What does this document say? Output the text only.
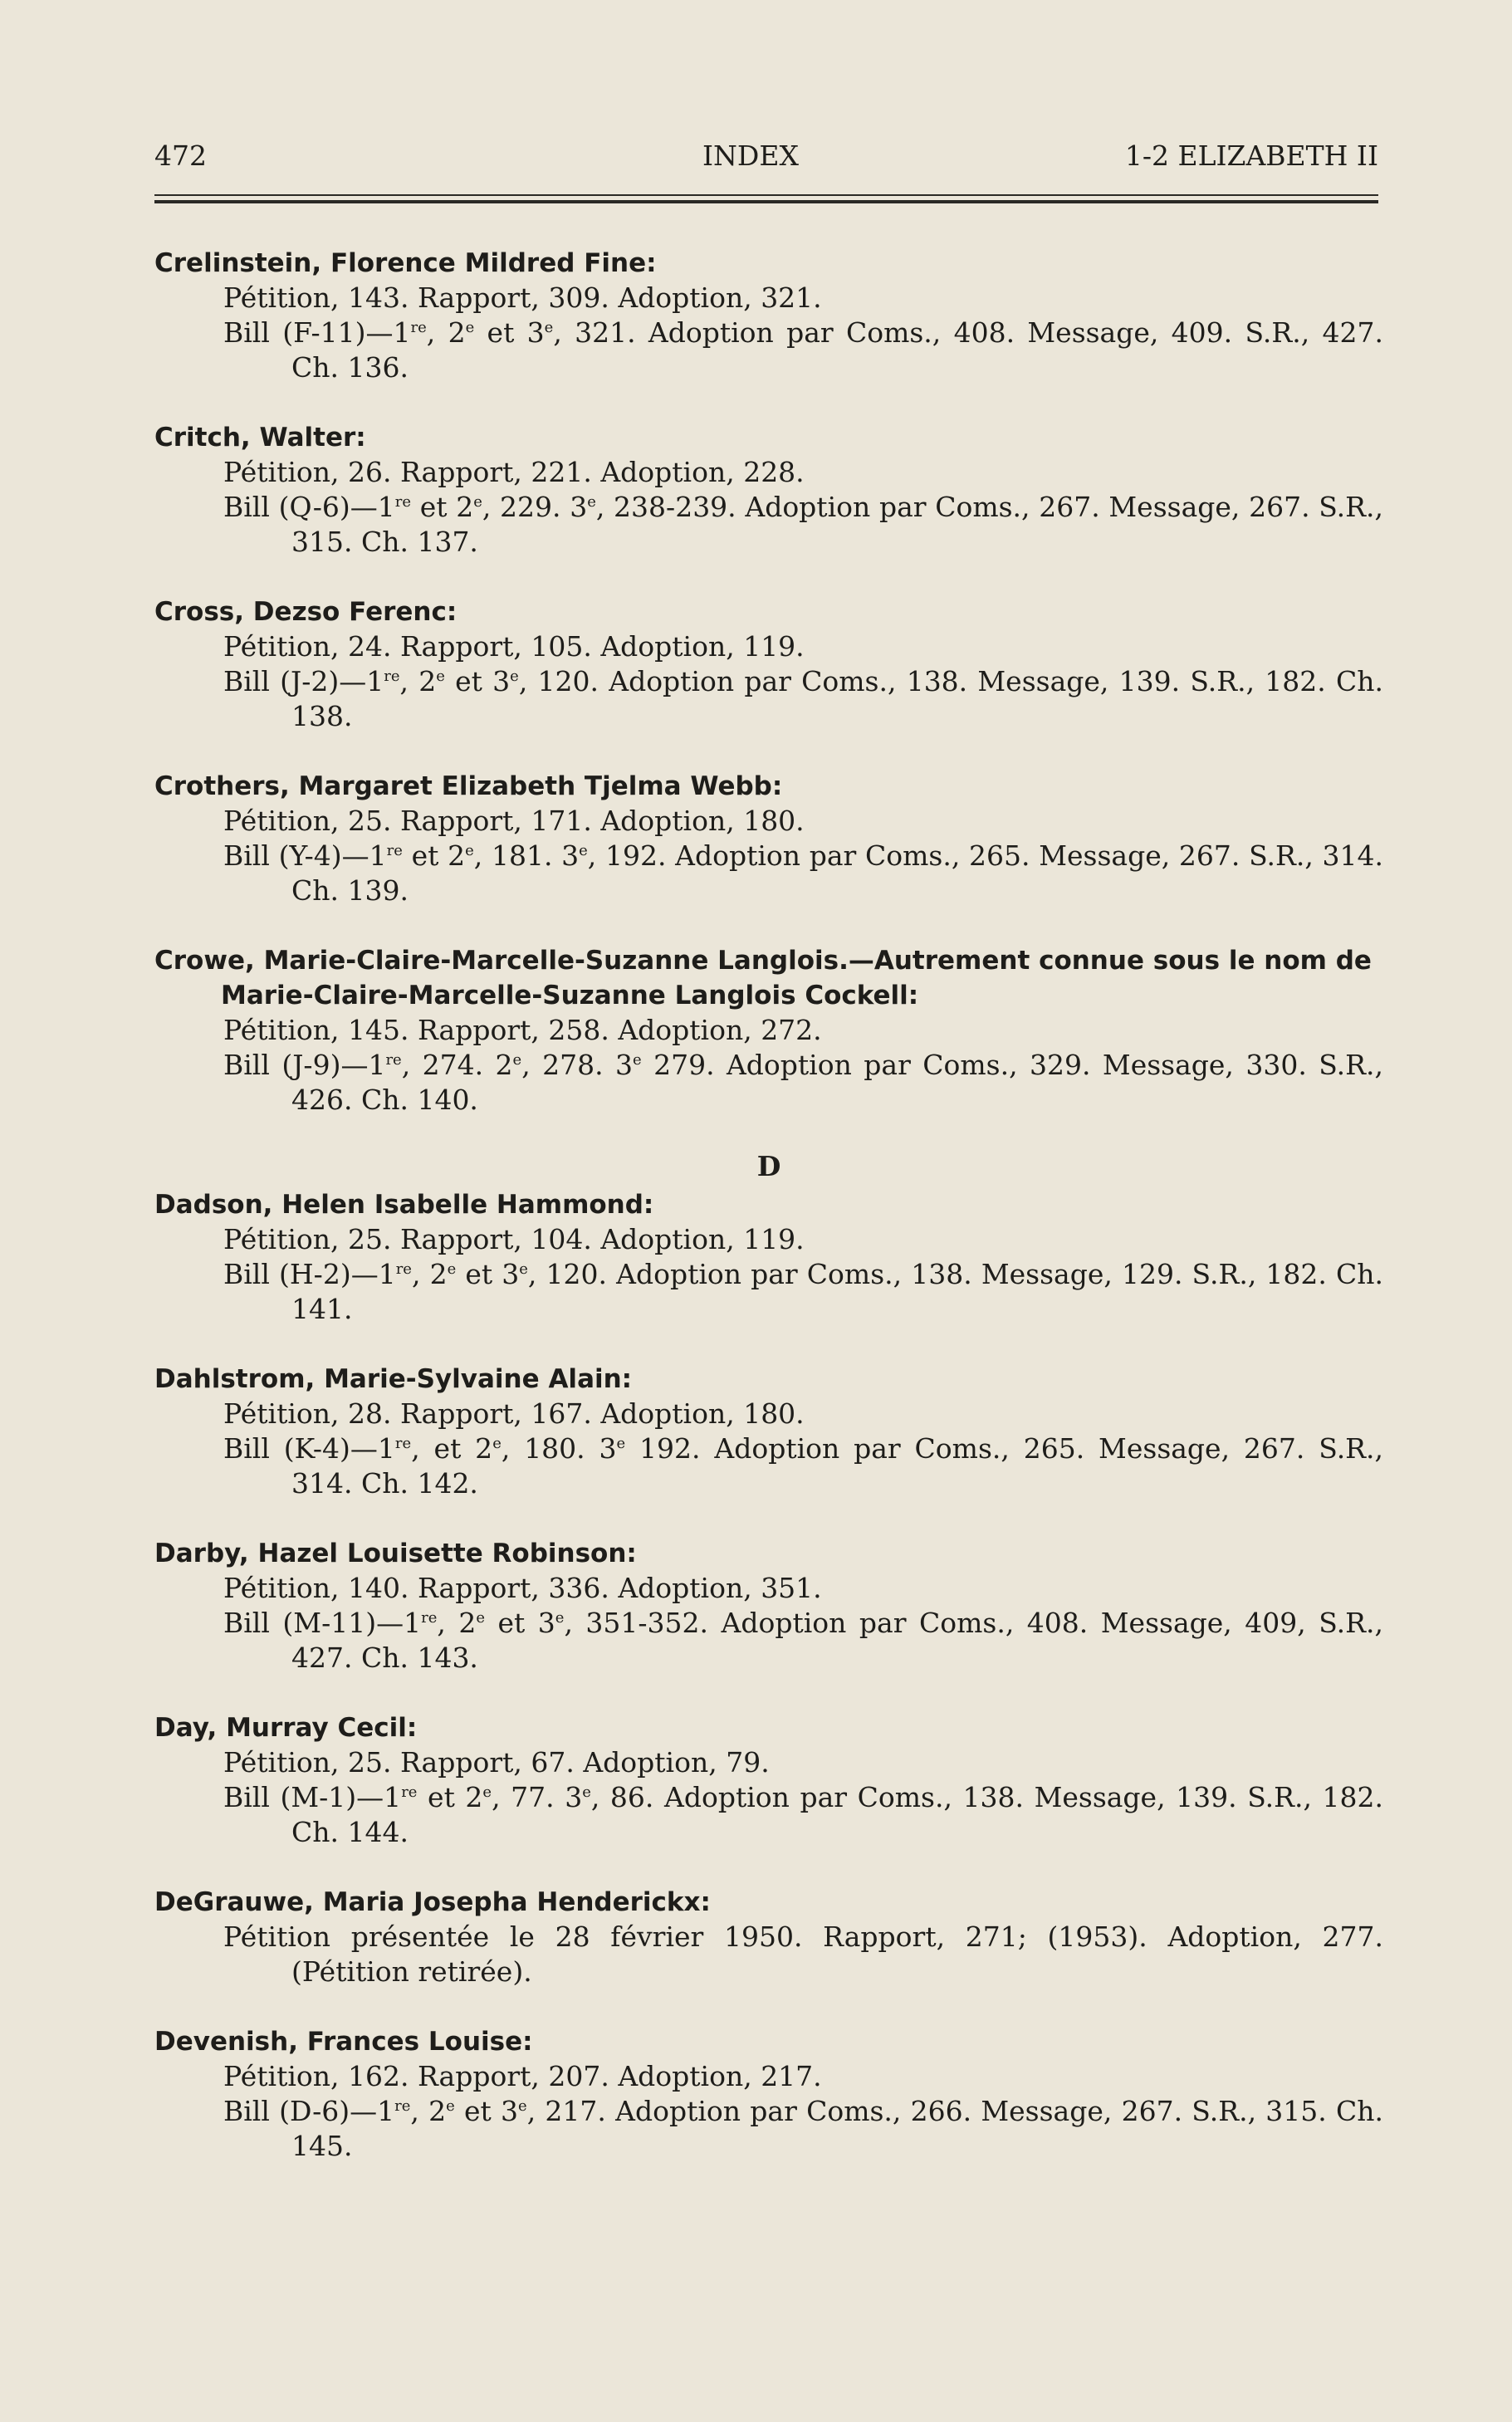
472	INDEX	1-2 ELIZABETH II
Crelinstein, Florence Mildred Fine:
Pétition, 143. Rapport, 309. Adoption, 321.
Bill (F-11)—1re, 2e et 3e, 321. Adoption par Coms., 408. Message, 409. S.R., 427. Ch. 136.
Critch, Walter:
Pétition, 26. Rapport, 221. Adoption, 228.
Bill (Q-6)—1re et 2e, 229. 3e, 238-239. Adoption par Coms., 267. Message, 267. S.R., 315. Ch. 137.
Cross, Dezso Ferenc:
Pétition, 24. Rapport, 105. Adoption, 119.
Bill (J-2)—1re, 2e et 3e, 120. Adoption par Coms., 138. Message, 139. S.R., 182. Ch. 138.
Crothers, Margaret Elizabeth Tjelma Webb:
Pétition, 25. Rapport, 171. Adoption, 180.
Bill (Y-4)—1re et 2e, 181. 3e, 192. Adoption par Coms., 265. Message, 267. S.R., 314. Ch. 139.
Crowe, Marie-Claire-Marcelle-Suzanne Langlois.—Autrement connue sous le nom de Marie-Claire-Marcelle-Suzanne Langlois Cockell:
Pétition, 145. Rapport, 258. Adoption, 272.
Bill (J-9)—1re, 274. 2e, 278. 3e 279. Adoption par Coms., 329. Message, 330. S.R., 426. Ch. 140.
D
Dadson, Helen Isabelle Hammond:
Pétition, 25. Rapport, 104. Adoption, 119.
Bill (H-2)—1re, 2e et 3e, 120. Adoption par Coms., 138. Message, 129. S.R., 182. Ch. 141.
Dahlstrom, Marie-Sylvaine Alain:
Pétition, 28. Rapport, 167. Adoption, 180.
Bill (K-4)—1re, et 2e, 180. 3e 192. Adoption par Coms., 265. Message, 267. S.R., 314. Ch. 142.
Darby, Hazel Louisette Robinson:
Pétition, 140. Rapport, 336. Adoption, 351.
Bill (M-11)—1re, 2e et 3e, 351-352. Adoption par Coms., 408. Message, 409, S.R., 427. Ch. 143.
Day, Murray Cecil:
Pétition, 25. Rapport, 67. Adoption, 79.
Bill (M-1)—1re et 2e, 77. 3e, 86. Adoption par Coms., 138. Message, 139. S.R., 182. Ch. 144.
DeGrauwe, Maria Josepha Henderickx:
Pétition présentée le 28 février 1950. Rapport, 271; (1953). Adoption, 277. (Pétition retirée).
Devenish, Frances Louise:
Pétition, 162. Rapport, 207. Adoption, 217.
Bill (D-6)—1re, 2e et 3e, 217. Adoption par Coms., 266. Message, 267. S.R., 315. Ch. 145.
